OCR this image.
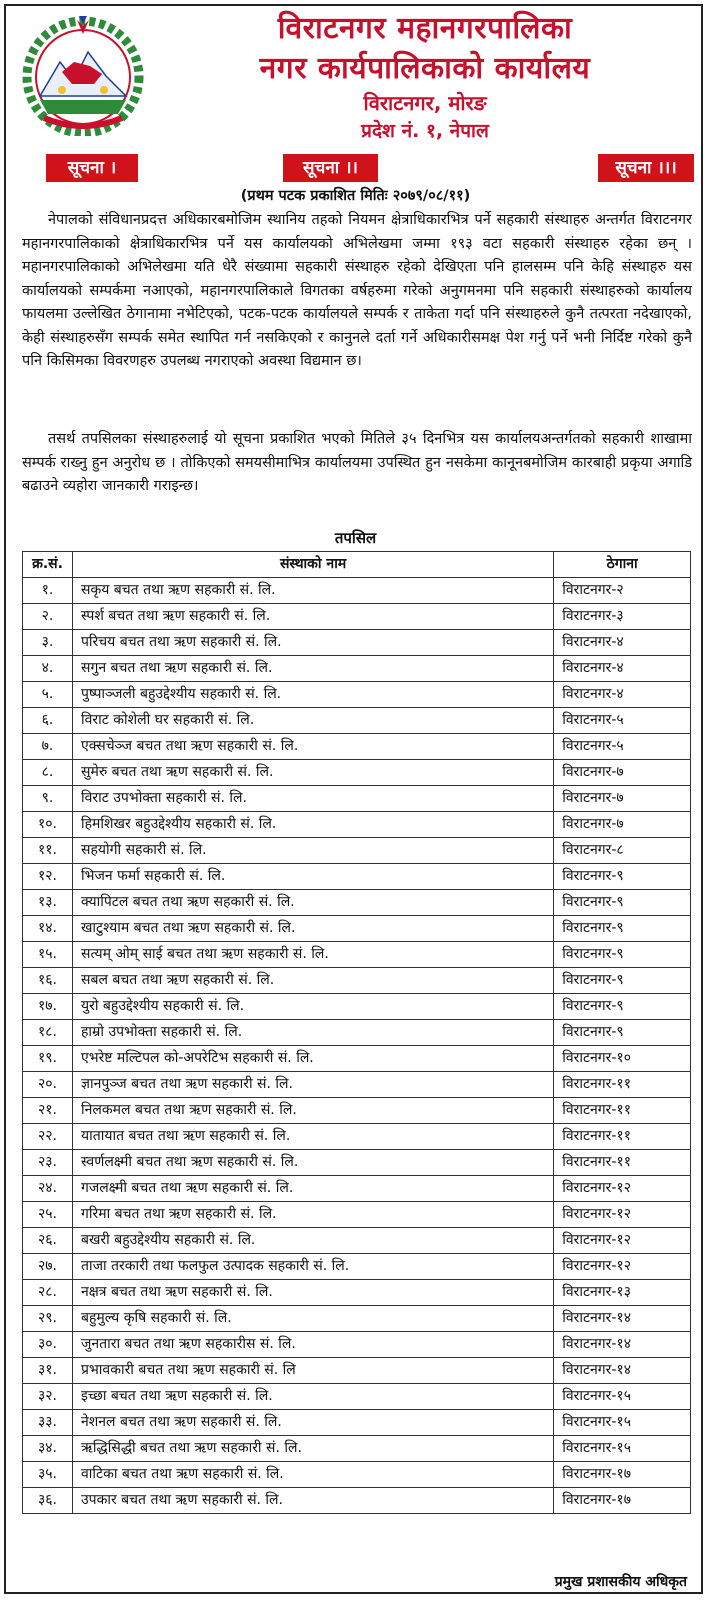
विराटनगर महानगरपालिका
नगर कार्यपालिकाको कार्यालय
विराटनगर, मोरङ
प्रदेश नं. १, नेपाल
सूचना ।	सूचना ।।	सूचना ।।।
(प्रथम पटक प्रकाशित मितिः २०७९/०८/११)
नेपालको संविधानप्रदत्त अधिकारबमोजिम स्थानिय तहको नियमन क्षेत्राधिकारभित्र पर्ने सहकारी संस्थाहरु अन्तर्गत विराटनगर महानगरपालिकाको क्षेत्राधिकारभित्र पर्ने यस कार्यालयको अभिलेखमा जम्मा १९३ वटा सहकारी संस्थाहरु रहेका छन् । महानगरपालिकाको अभिलेखमा यति धेरै संख्यामा सहकारी संस्थाहरु रहेको देखिएता पनि हालसम्म पनि केहि संस्थाहरु यस कार्यालयको सम्पर्कमा नआएको, महानगरपालिकाले विगतका वर्षहरुमा गरेको अनुगमनमा पनि सहकारी संस्थाहरुको कार्यालय फायलमा उल्लेखित ठेगानामा नभेटिएको, पटक-पटक कार्यालयले सम्पर्क र ताकेता गर्दा पनि संस्थाहरुले कुनै तत्परता नदेखाएको, केही संस्थाहरुसँग सम्पर्क समेत स्थापित गर्न नसकिएको र कानुनले दर्ता गर्ने अधिकारीसमक्ष पेश गर्नु पर्ने भनी निर्दिष्ट गरेको कुनै पनि किसिमका विवरणहरु उपलब्ध नगराएको अवस्था विद्यमान छ।
तसर्थ तपसिलका संस्थाहरुलाई यो सूचना प्रकाशित भएको मितिले ३५ दिनभित्र यस कार्यालयअन्तर्गतको सहकारी शाखामा सम्पर्क राख्नु हुन अनुरोध छ । तोकिएको समयसीमाभित्र कार्यालयमा उपस्थित हुन नसकेमा कानूनबमोजिम कारबाही प्रकृया अगाडि बढाउने व्यहोरा जानकारी गराइन्छ।
तपसिल
क्र.सं.	संस्थाको नाम	ठेगाना
१.	सकृय बचत तथा ऋण सहकारी सं. लि.	विराटनगर-२
२.	स्पर्श बचत तथा ऋण सहकारी सं. लि.	विराटनगर-३
३.	परिचय बचत तथा ऋण सहकारी सं. लि.	विराटनगर-४
४.	सगुन बचत तथा ऋण सहकारी सं. लि.	विराटनगर-४
५.	पुष्पाञ्जली बहुउद्देश्यीय सहकारी सं. लि.	विराटनगर-४
६.	विराट कोशेली घर सहकारी सं. लि.	विराटनगर-५
७.	एक्सचेञ्ज बचत तथा ऋण सहकारी सं. लि.	विराटनगर-५
८.	सुमेरु बचत तथा ऋण सहकारी सं. लि.	विराटनगर-७
९.	विराट उपभोक्ता सहकारी सं. लि.	विराटनगर-७
१०.	हिमशिखर बहुउद्देश्यीय सहकारी सं. लि.	विराटनगर-७
११.	सहयोगी सहकारी सं. लि.	विराटनगर-८
१२.	भिजन फर्मा सहकारी सं. लि.	विराटनगर-९
१३.	क्यापिटल बचत तथा ऋण सहकारी सं. लि.	विराटनगर-९
१४.	खाटुश्याम बचत तथा ऋण सहकारी सं. लि.	विराटनगर-९
१५.	सत्यम् ओम् साई बचत तथा ऋण सहकारी सं. लि.	विराटनगर-९
१६.	सबल बचत तथा ऋण सहकारी सं. लि.	विराटनगर-९
१७.	युरो बहुउद्देश्यीय सहकारी सं. लि.	विराटनगर-९
१८.	हाम्रो उपभोक्ता सहकारी सं. लि.	विराटनगर-९
१९.	एभरेष्ट मल्टिपल को-अपरेटिभ सहकारी सं. लि.	विराटनगर-१०
२०.	ज्ञानपुञ्ज बचत तथा ऋण सहकारी सं. लि.	विराटनगर-११
२१.	निलकमल बचत तथा ऋण सहकारी सं. लि.	विराटनगर-११
२२.	यातायात बचत तथा ऋण सहकारी सं. लि.	विराटनगर-११
२३.	स्वर्णलक्ष्मी बचत तथा ऋण सहकारी सं. लि.	विराटनगर-११
२४.	गजलक्ष्मी बचत तथा ऋण सहकारी सं. लि.	विराटनगर-१२
२५.	गरिमा बचत तथा ऋण सहकारी सं. लि.	विराटनगर-१२
२६.	बखरी बहुउद्देश्यीय सहकारी सं. लि.	विराटनगर-१२
२७.	ताजा तरकारी तथा फलफुल उत्पादक सहकारी सं. लि.	विराटनगर-१२
२८.	नक्षत्र बचत तथा ऋण सहकारी सं. लि.	विराटनगर-१३
२९.	बहुमुल्य कृषि सहकारी सं. लि.	विराटनगर-१४
३०.	जुनतारा बचत तथा ऋण सहकारीस सं. लि.	विराटनगर-१४
३१.	प्रभावकारी बचत तथा ऋण सहकारी सं. लि	विराटनगर-१४
३२.	इच्छा बचत तथा ऋण सहकारी सं. लि.	विराटनगर-१५
३३.	नेशनल बचत तथा ऋण सहकारी सं. लि.	विराटनगर-१५
३४.	ऋद्धिसिद्धी बचत तथा ऋण सहकारी सं. लि.	विराटनगर-१५
३५.	वाटिका बचत तथा ऋण सहकारी सं. लि.	विराटनगर-१७
३६.	उपकार बचत तथा ऋण सहकारी सं. लि.	विराटनगर-१७
प्रमुख प्रशासकीय अधिकृत
